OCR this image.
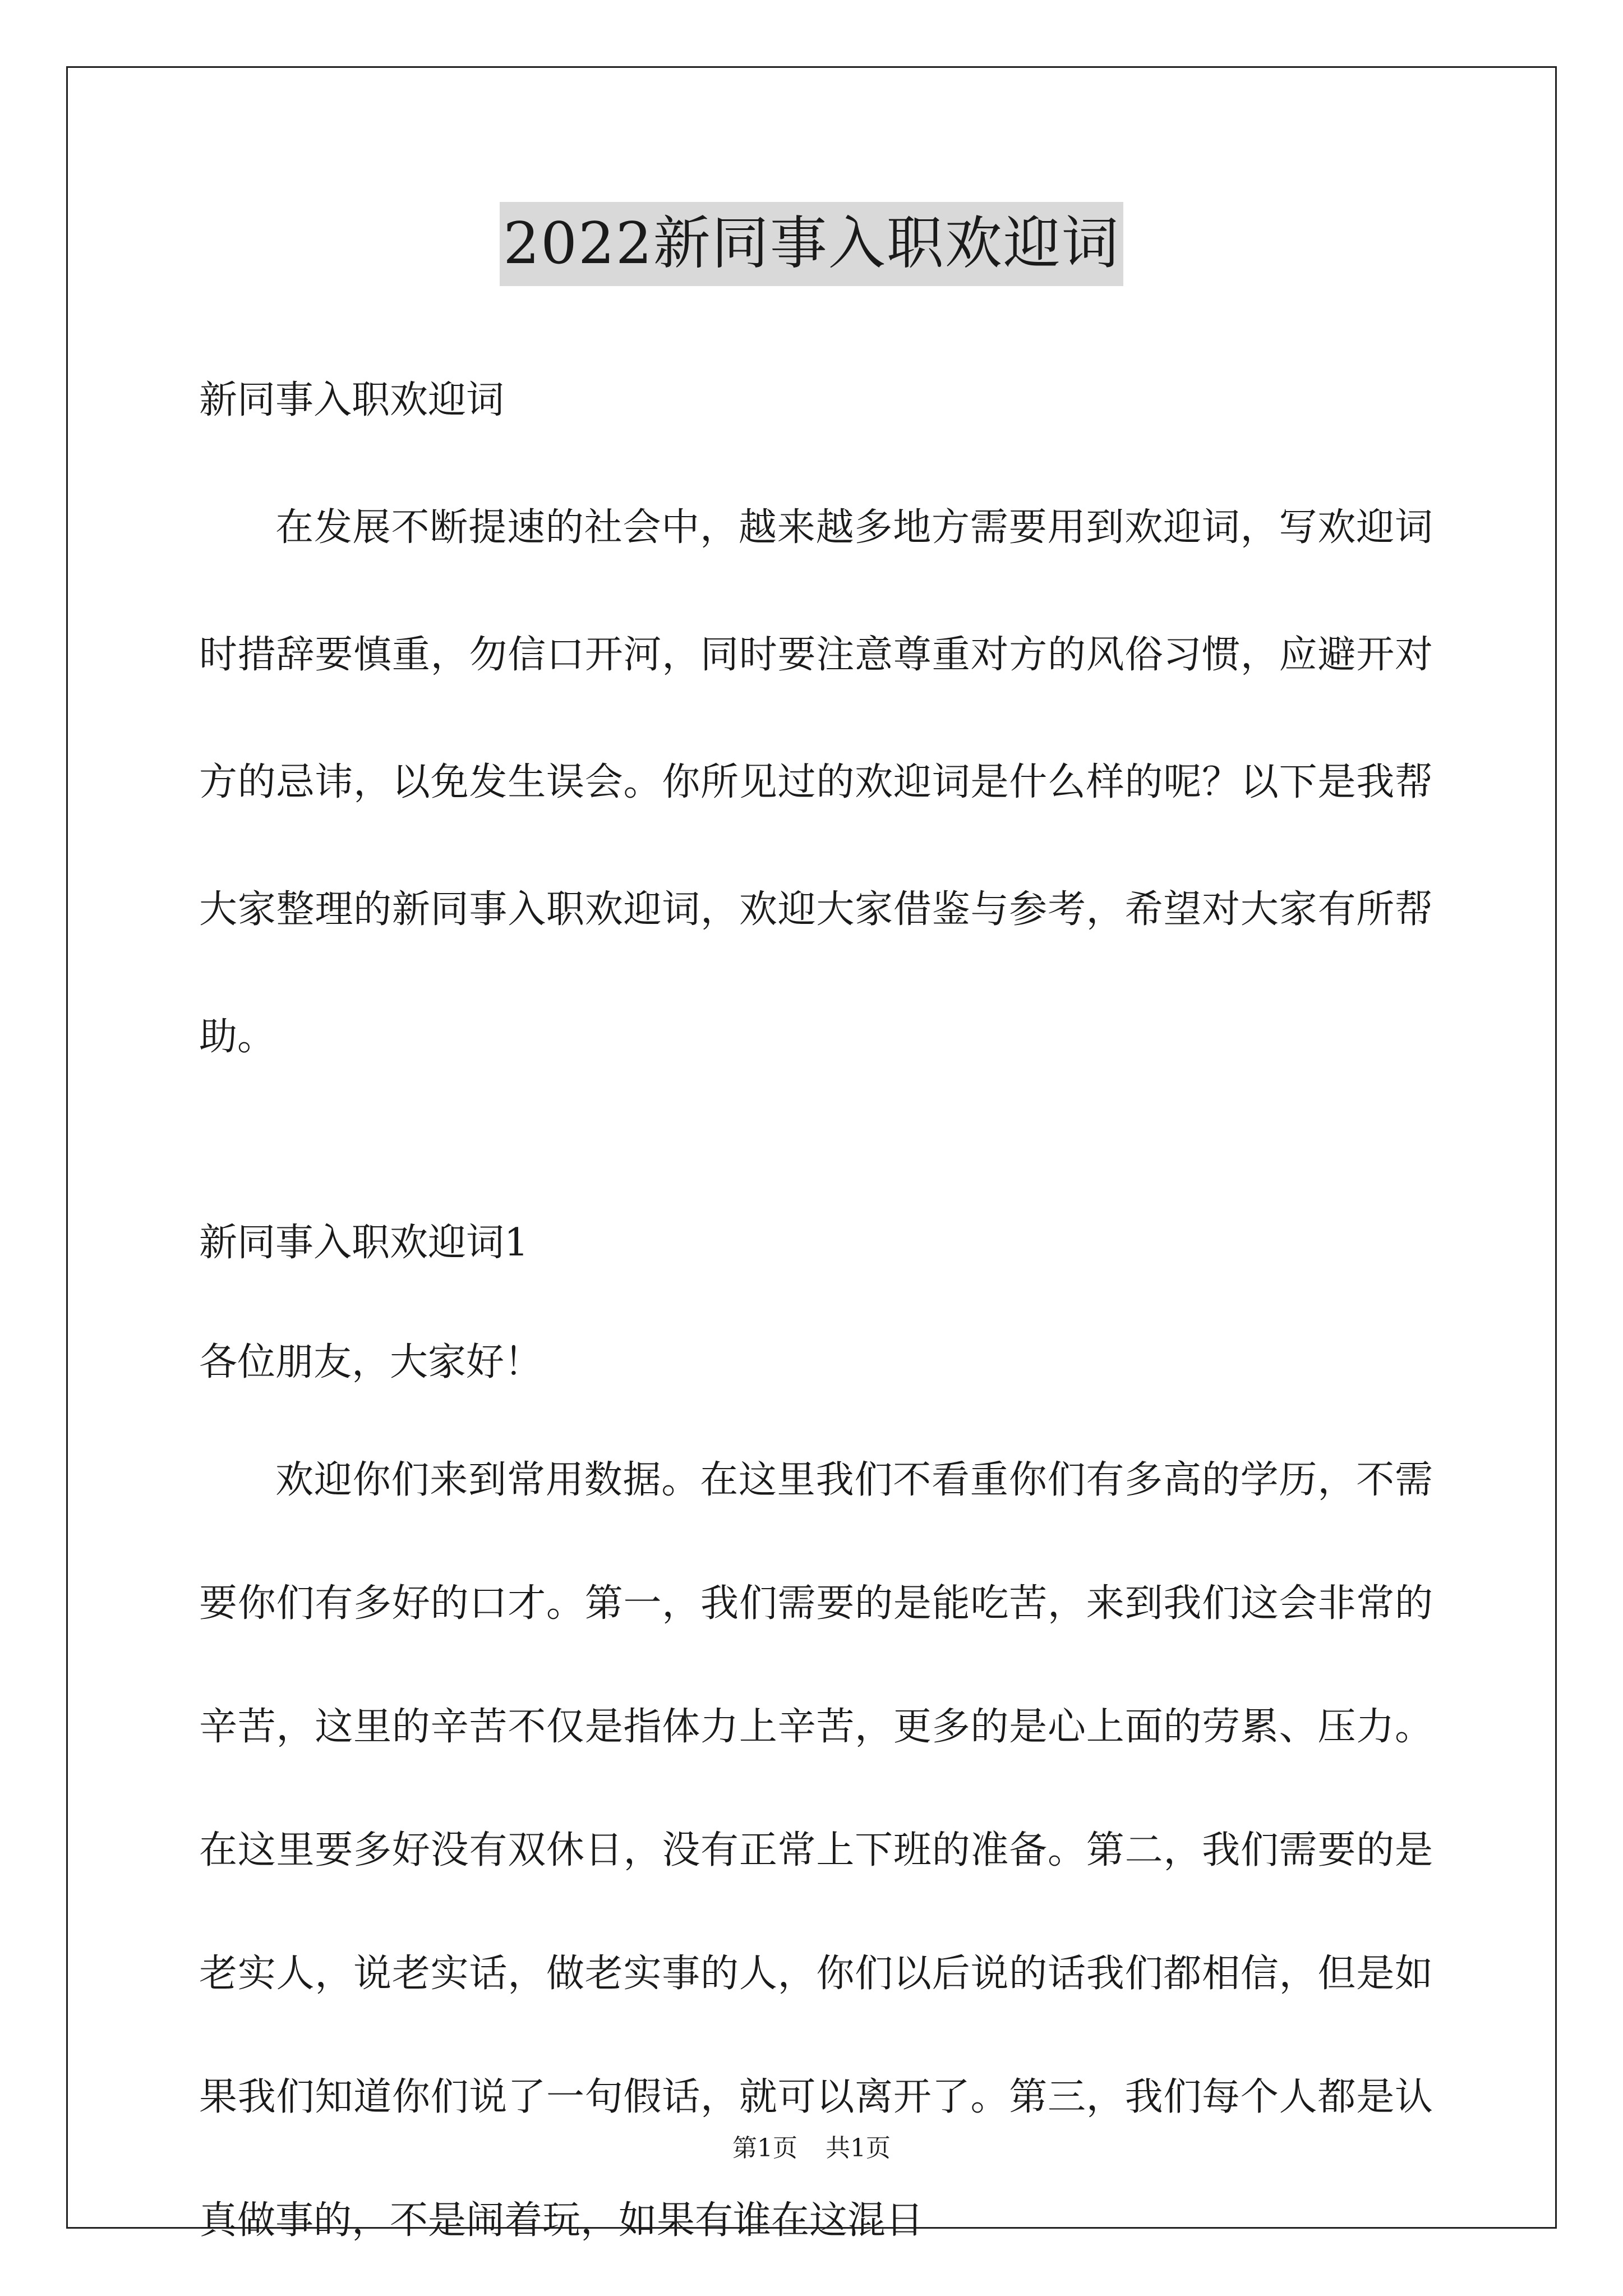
2022新同事入职欢迎词

新同事入职欢迎词

在发展不断提速的社会中，越来越多地方需要用到欢迎词，写欢迎词时措辞要慎重，勿信口开河，同时要注意尊重对方的风俗习惯，应避开对方的忌讳，以免发生误会。你所见过的欢迎词是什么样的呢？以下是我帮大家整理的新同事入职欢迎词，欢迎大家借鉴与参考，希望对大家有所帮助。

新同事入职欢迎词1

各位朋友，大家好！

欢迎你们来到常用数据。在这里我们不看重你们有多高的学历，不需要你们有多好的口才。第一，我们需要的是能吃苦，来到我们这会非常的辛苦，这里的辛苦不仅是指体力上辛苦，更多的是心上面的劳累、压力。在这里要多好没有双休日，没有正常上下班的准备。第二，我们需要的是老实人，说老实话，做老实事的人，你们以后说的话我们都相信，但是如果我们知道你们说了一句假话，就可以离开了。第三，我们每个人都是认真做事的，不是闹着玩，如果有谁在这混日

第1页 共1页
